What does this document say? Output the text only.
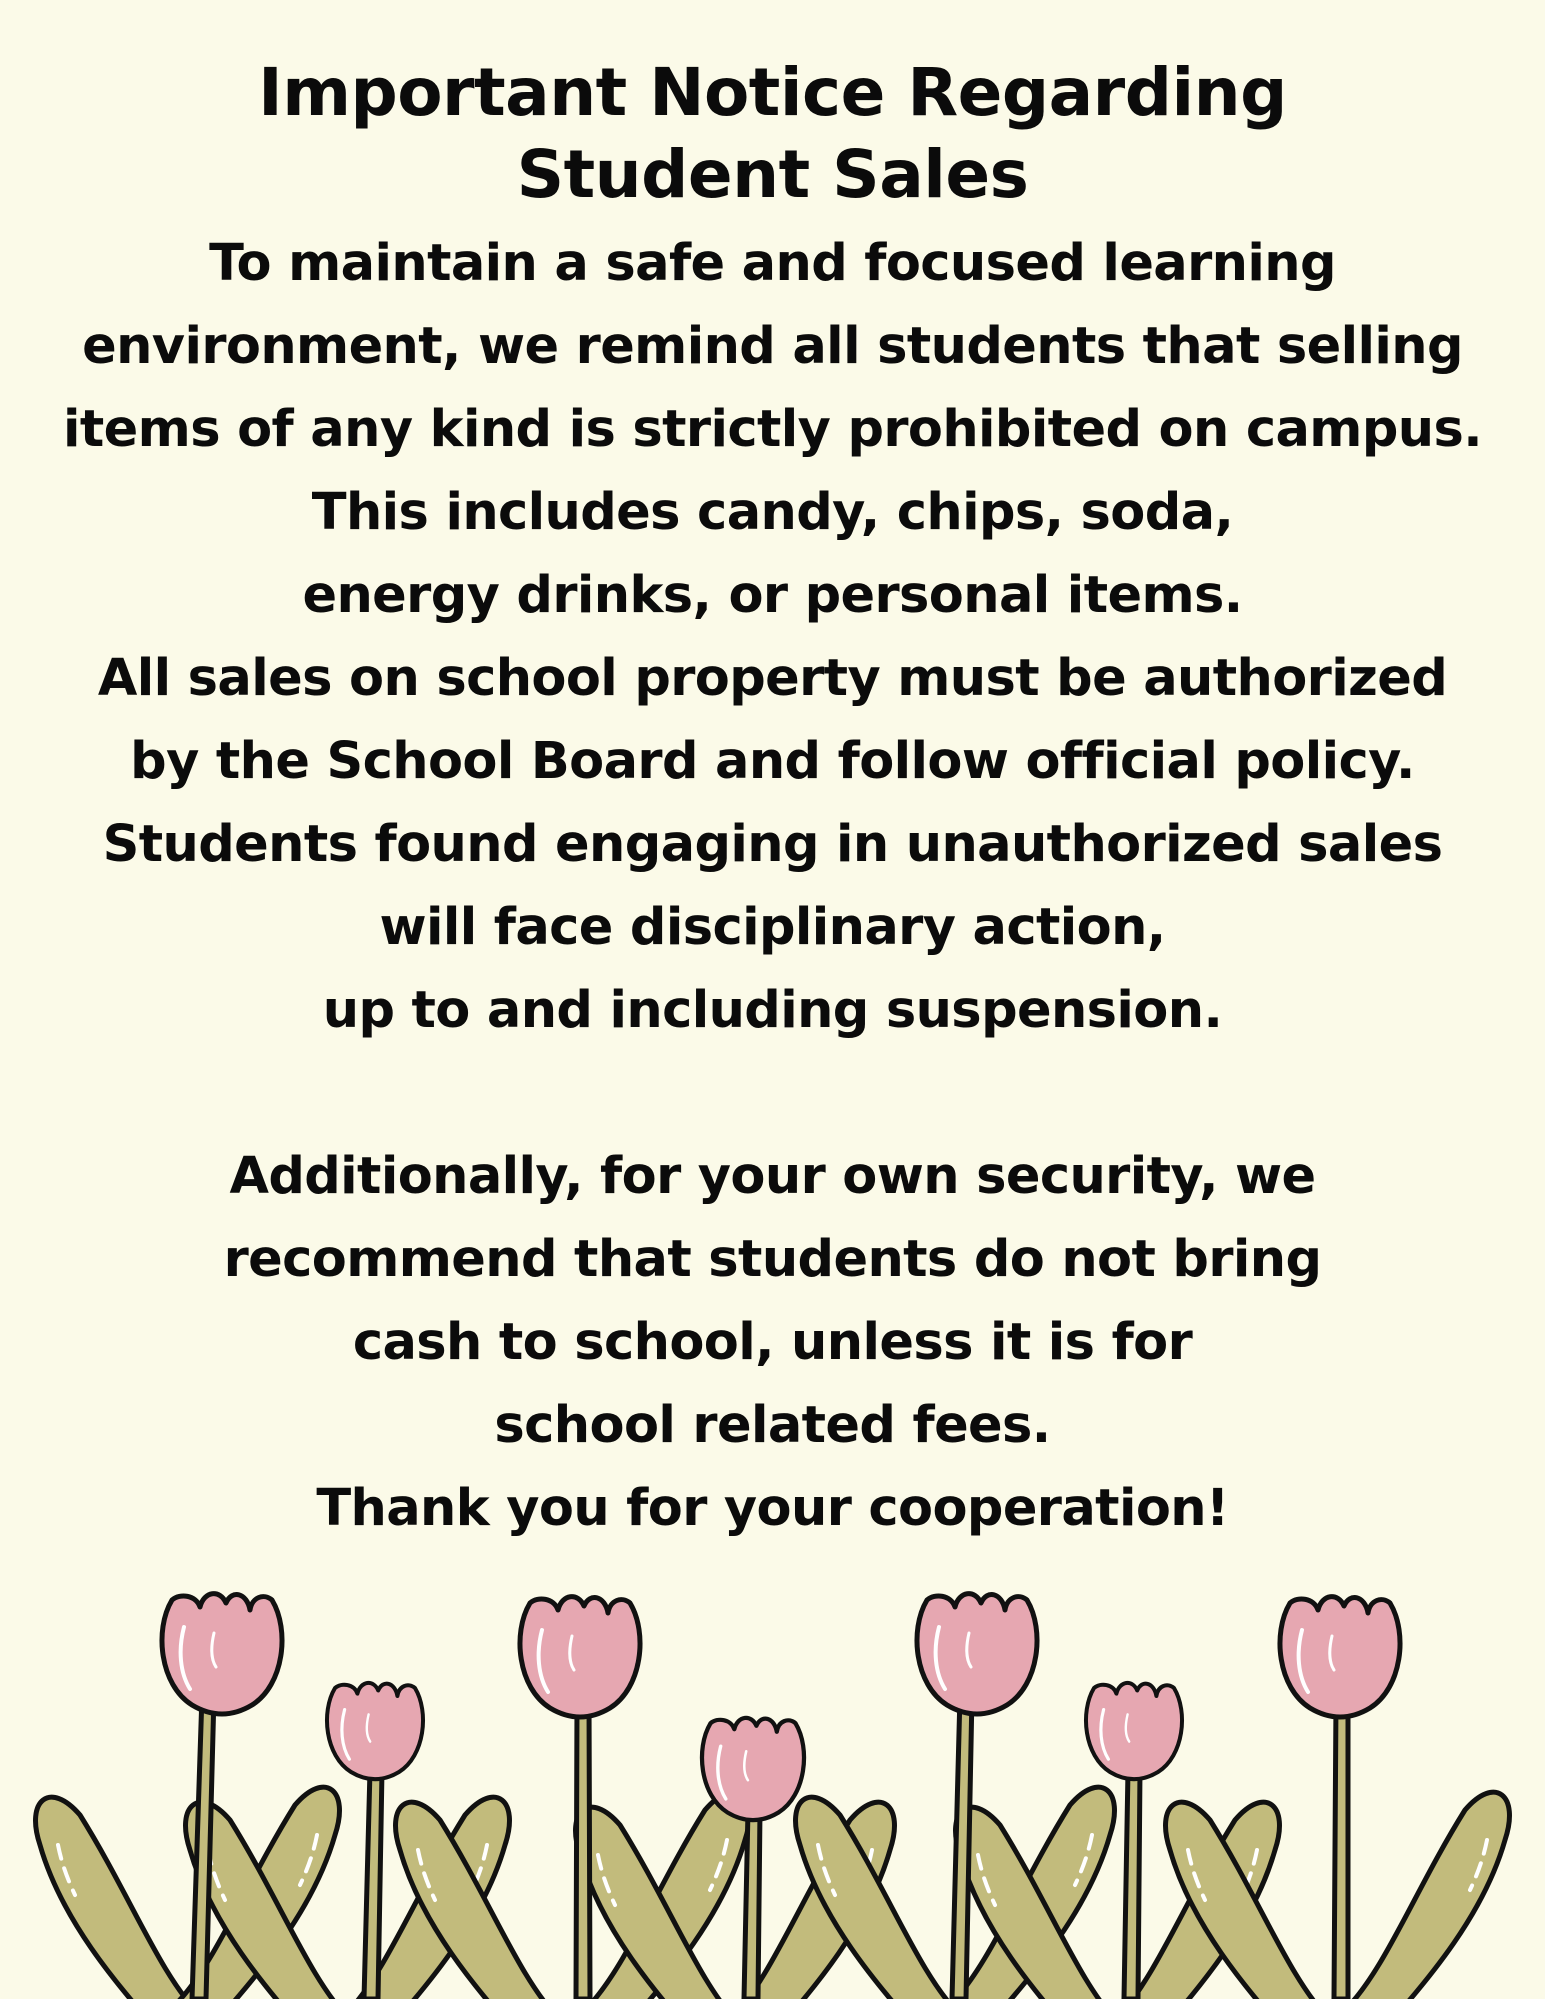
Important Notice Regarding
Student Sales
To maintain a safe and focused learning
environment, we remind all students that selling
items of any kind is strictly prohibited on campus.
This includes candy, chips, soda,
energy drinks, or personal items.
All sales on school property must be authorized
by the School Board and follow official policy.
Students found engaging in unauthorized sales
will face disciplinary action,
up to and including suspension.
Additionally, for your own security, we
recommend that students do not bring
cash to school, unless it is for
school related fees.
Thank you for your cooperation!
